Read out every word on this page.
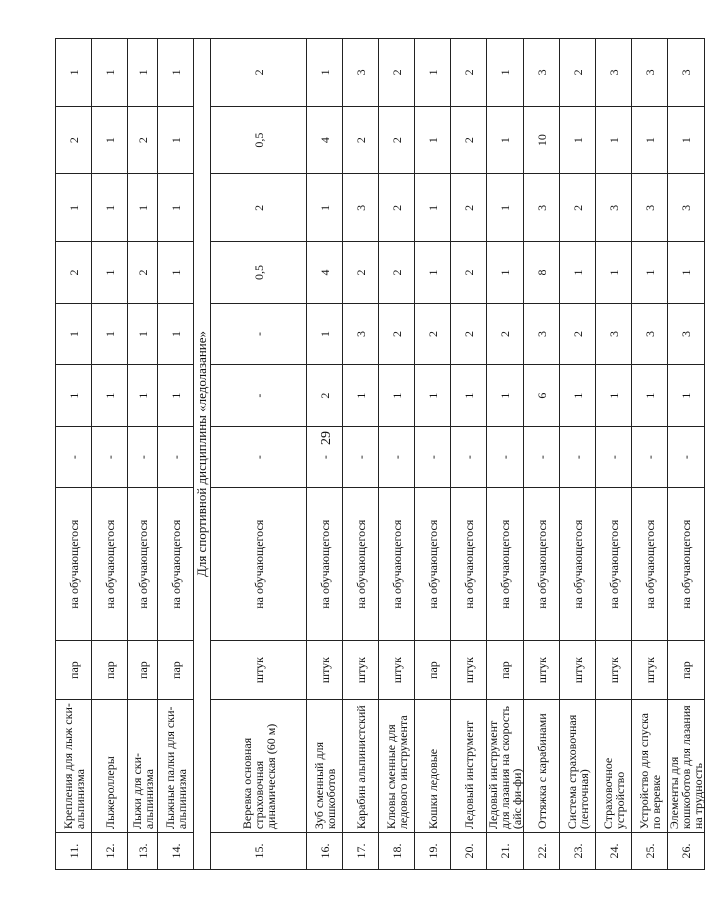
29
11.	Крепления для лыж ски-альпинизма	пар	на обучающегося	-	1	1	2	1	2	1
12.	Лыжероллеры	пар	на обучающегося	-	1	1	1	1	1	1
13.	Лыжи для ски-альпинизма	пар	на обучающегося	-	1	1	2	1	2	1
14.	Лыжные палки для ски-альпинизма	пар	на обучающегося	-	1	1	1	1	1	1
Для спортивной дисциплины «ледолазание»										
15.	Веревка основная страховочная динамическая (60 м)	штук	на обучающегося	-	-	-	0,5	2	0,5	2
16.	Зуб сменный для кошкоботов	штук	на обучающегося	-	2	1	4	1	4	1
17.	Карабин альпинистский	штук	на обучающегося	-	1	3	2	3	2	3
18.	Клювы сменные для ледового инструмента	штук	на обучающегося	-	1	2	2	2	2	2
19.	Кошки ледовые	пар	на обучающегося	-	1	2	1	1	1	1
20.	Ледовый инструмент	штук	на обучающегося	-	1	2	2	2	2	2
21.	Ледовый инструмент для лазания на скорость (айс фи-фи)	пар	на обучающегося	-	1	2	1	1	1	1
22.	Оттяжка с карабинами	штук	на обучающегося	-	6	3	8	3	10	3
23.	Система страховочная (ленточная)	штук	на обучающегося	-	1	2	1	2	1	2
24.	Страховочное устройство	штук	на обучающегося	-	1	3	1	3	1	3
25.	Устройство для спуска по веревке	штук	на обучающегося	-	1	3	1	3	1	3
26.	Элементы для кошкоботов для лазания на трудность	пар	на обучающегося	-	1	3	1	3	1	3
